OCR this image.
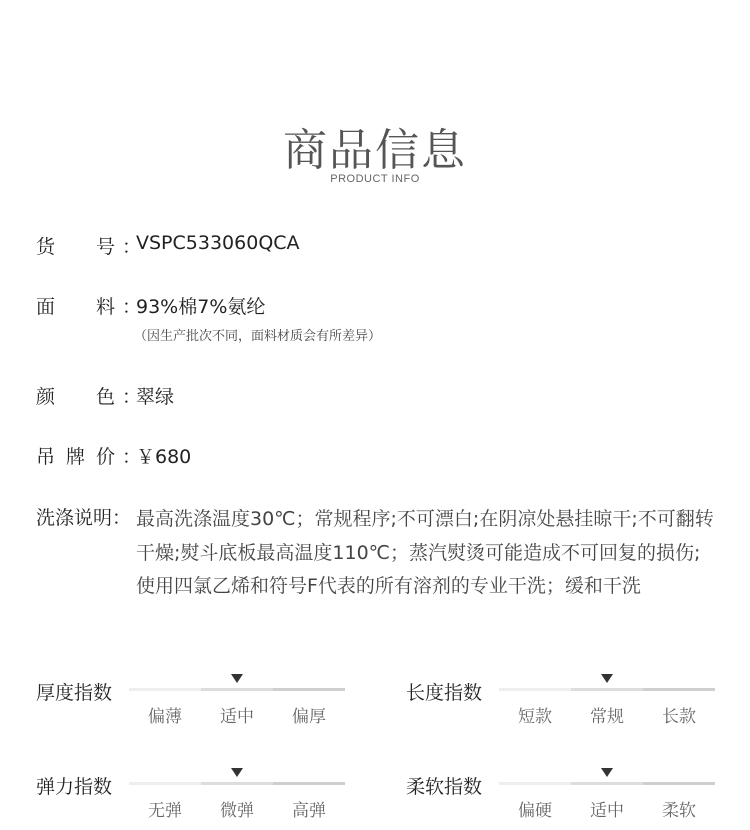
商品信息
PRODUCT INFO
货 号 ：
VSPC533060QCA
面 料 ：
93%棉7%氨纶
（因生产批次不同，面料材质会有所差异）
颜 色 ：
翠绿
吊 牌 价 ：
￥680
洗涤说明： 最高洗涤温度30℃；常规程序;不可漂白;在阴凉处悬挂晾干;不可翻转干燥;熨斗底板最高温度110℃；蒸汽熨烫可能造成不可回复的损伤;使用四氯乙烯和符号F代表的所有溶剂的专业干洗；缓和干洗
厚度指数
偏薄	适中	偏厚
长度指数
短款	常规	长款
弹力指数
无弹	微弹	高弹
柔软指数
偏硬	适中	柔软
